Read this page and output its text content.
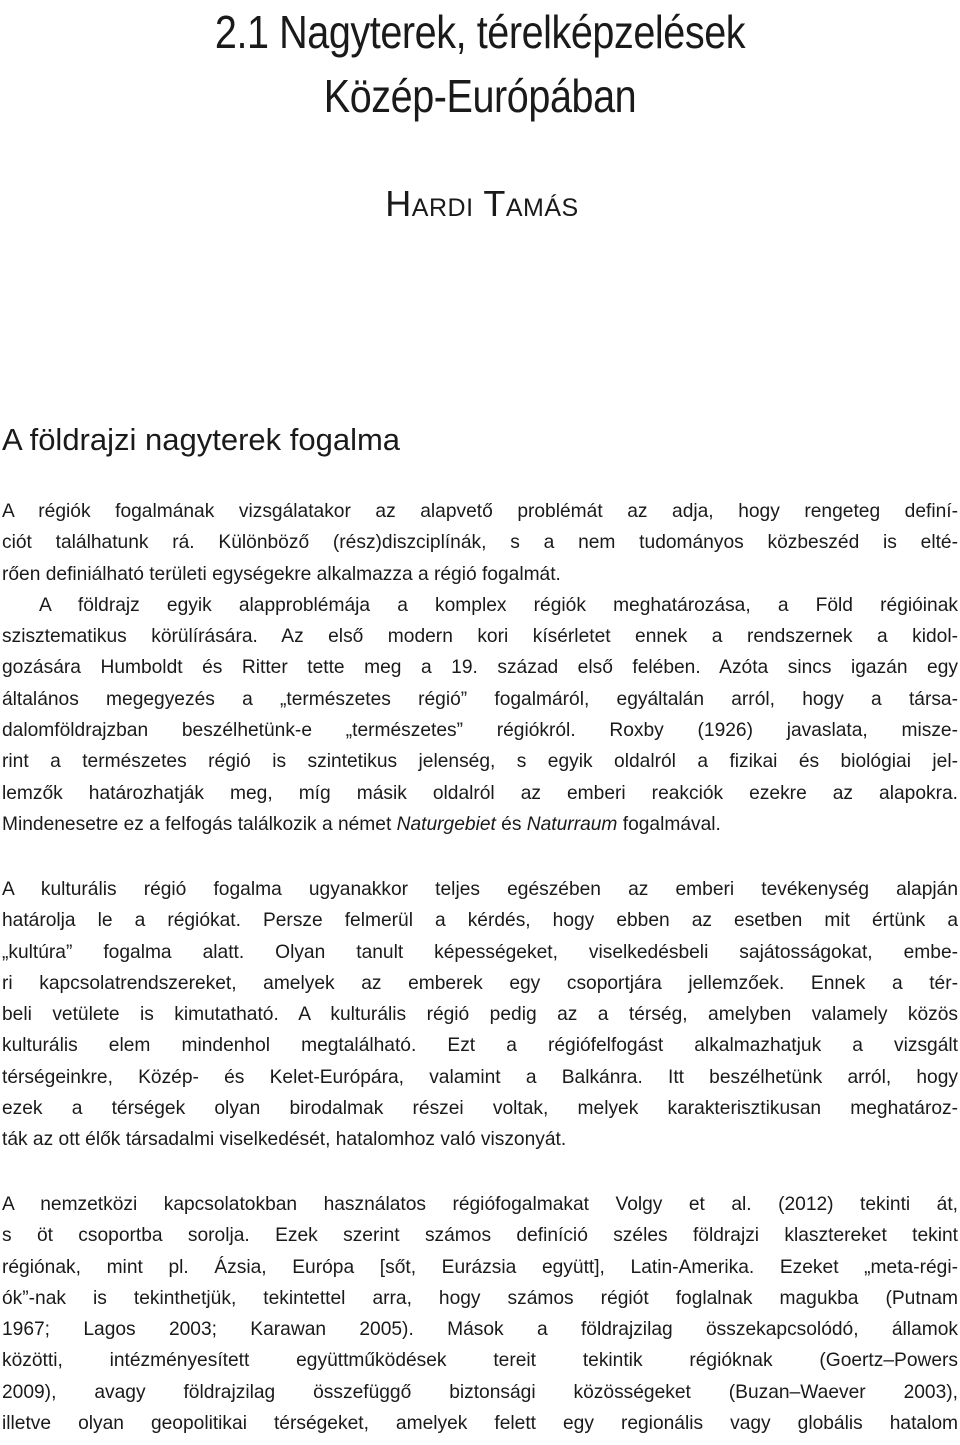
2.1 Nagyterek, térelképzelések
Közép-Európában
Hardi Tamás
A földrajzi nagyterek fogalma
A régiók fogalmának vizsgálatakor az alapvető problémát az adja, hogy rengeteg definí-
ciót találhatunk rá. Különböző (rész)diszciplínák, s a nem tudományos közbeszéd is elté-
rően definiálható területi egységekre alkalmazza a régió fogalmát.
A földrajz egyik alapproblémája a komplex régiók meghatározása, a Föld régióinak
szisztematikus körülírására. Az első modern kori kísérletet ennek a rendszernek a kidol-
gozására Humboldt és Ritter tette meg a 19. század első felében. Azóta sincs igazán egy
általános megegyezés a „természetes régió” fogalmáról, egyáltalán arról, hogy a társa-
dalomföldrajzban beszélhetünk-e „természetes” régiókról. Roxby (1926) javaslata, misze-
rint a természetes régió is szintetikus jelenség, s egyik oldalról a fizikai és biológiai jel-
lemzők határozhatják meg, míg másik oldalról az emberi reakciók ezekre az alapokra.
Mindenesetre ez a felfogás találkozik a német Naturgebiet és Naturraum fogalmával.
A kulturális régió fogalma ugyanakkor teljes egészében az emberi tevékenység alapján
határolja le a régiókat. Persze felmerül a kérdés, hogy ebben az esetben mit értünk a
„kultúra” fogalma alatt. Olyan tanult képességeket, viselkedésbeli sajátosságokat, embe-
ri kapcsolatrendszereket, amelyek az emberek egy csoportjára jellemzőek. Ennek a tér-
beli vetülete is kimutatható. A kulturális régió pedig az a térség, amelyben valamely közös
kulturális elem mindenhol megtalálható. Ezt a régiófelfogást alkalmazhatjuk a vizsgált
térségeinkre, Közép- és Kelet-Európára, valamint a Balkánra. Itt beszélhetünk arról, hogy
ezek a térségek olyan birodalmak részei voltak, melyek karakterisztikusan meghatároz-
ták az ott élők társadalmi viselkedését, hatalomhoz való viszonyát.
A nemzetközi kapcsolatokban használatos régiófogalmakat Volgy et al. (2012) tekinti át,
s öt csoportba sorolja. Ezek szerint számos definíció széles földrajzi klasztereket tekint
régiónak, mint pl. Ázsia, Európa [sőt, Eurázsia együtt], Latin-Amerika. Ezeket „meta-régi-
ók”-nak is tekinthetjük, tekintettel arra, hogy számos régiót foglalnak magukba (Putnam
1967; Lagos 2003; Karawan 2005). Mások a földrajzilag összekapcsolódó, államok
közötti, intézményesített együttműködések tereit tekintik régióknak (Goertz–Powers
2009), avagy földrajzilag összefüggő biztonsági közösségeket (Buzan–Waever 2003),
illetve olyan geopolitikai térségeket, amelyek felett egy regionális vagy globális hatalom
